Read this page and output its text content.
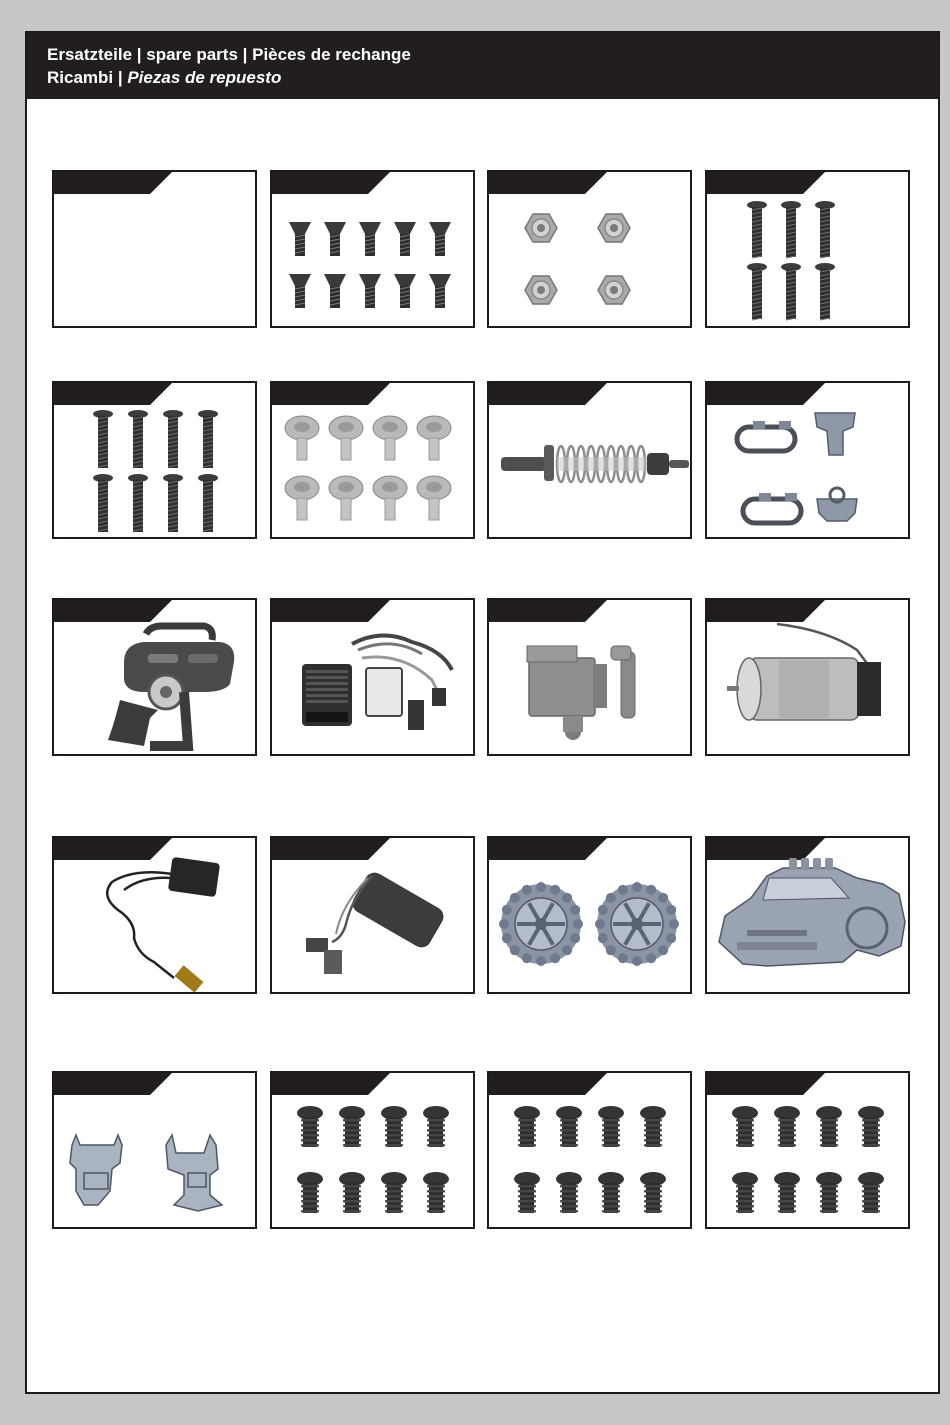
Ersatzteile | spare parts | Pièces de rechange
Ricambi | Piezas de repuesto
